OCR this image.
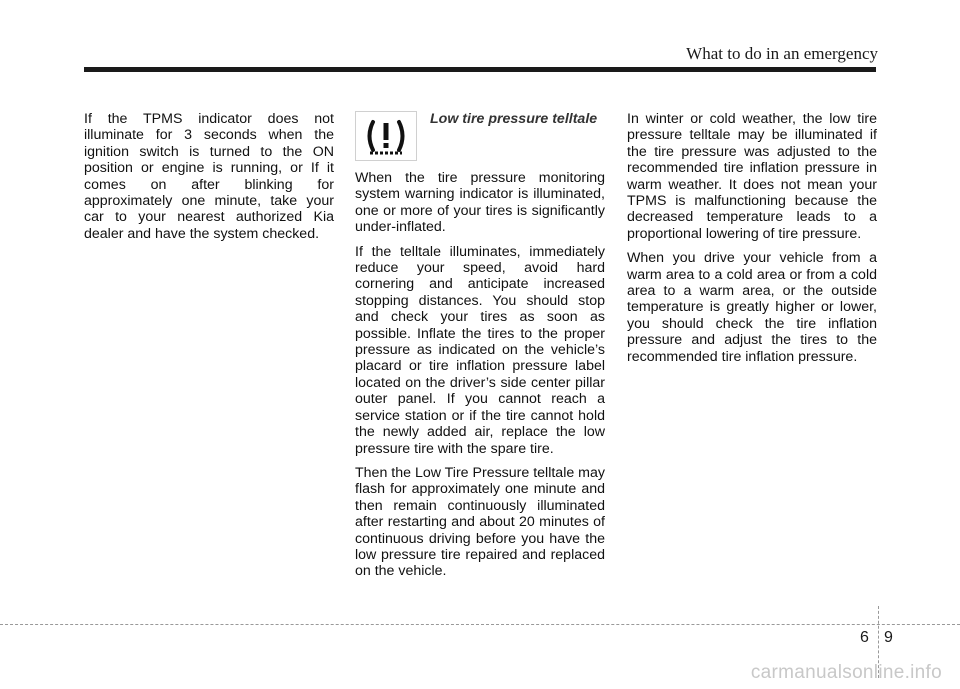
What to do in an emergency

If the TPMS indicator does not illuminate for 3 seconds when the ignition switch is turned to the ON position or engine is running, or If it comes on after blinking for approximately one minute, take your car to your nearest authorized Kia dealer and have the system checked.

Low tire pressure telltale

When the tire pressure monitoring system warning indicator is illuminated, one or more of your tires is significantly under-inflated.

If the telltale illuminates, immediately reduce your speed, avoid hard cornering and anticipate increased stopping distances. You should stop and check your tires as soon as possible. Inflate the tires to the proper pressure as indicated on the vehicle’s placard or tire inflation pressure label located on the driver’s side center pillar outer panel. If you cannot reach a service station or if the tire cannot hold the newly added air, replace the low pressure tire with the spare tire.

Then the Low Tire Pressure telltale may flash for approximately one minute and then remain continuously illuminated after restarting and about 20 minutes of continuous driving before you have the low pressure tire repaired and replaced on the vehicle.

In winter or cold weather, the low tire pressure telltale may be illuminated if the tire pressure was adjusted to the recommended tire inflation pressure in warm weather. It does not mean your TPMS is malfunctioning because the decreased temperature leads to a proportional lowering of tire pressure.

When you drive your vehicle from a warm area to a cold area or from a cold area to a warm area, or the outside temperature is greatly higher or lower, you should check the tire inflation pressure and adjust the tires to the recommended tire inflation pressure.

6 9
carmanualsonline.info
